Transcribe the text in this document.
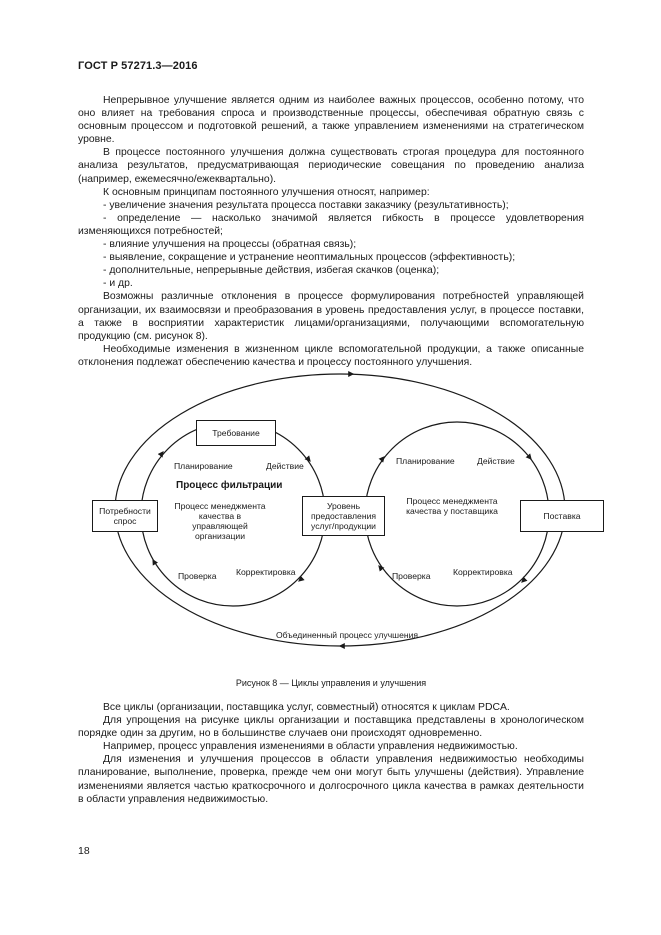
ГОСТ Р 57271.3—2016

Непрерывное улучшение является одним из наиболее важных процессов, особенно потому, что оно влияет на требования спроса и производственные процессы, обеспечивая обратную связь с основным процессом и подготовкой решений, а также управлением изменениями на стратегическом уровне.

В процессе постоянного улучшения должна существовать строгая процедура для постоянного анализа результатов, предусматривающая периодические совещания по проведению анализа (например, ежемесячно/ежеквартально).

К основным принципам постоянного улучшения относят, например:

- увеличение значения результата процесса поставки заказчику (результативность);

- определение — насколько значимой является гибкость в процессе удовлетворения изменяющихся потребностей;

- влияние улучшения на процессы (обратная связь);

- выявление, сокращение и устранение неоптимальных процессов (эффективность);

- дополнительные, непрерывные действия, избегая скачков (оценка);

- и др.

Возможны различные отклонения в процессе формулирования потребностей управляющей организации, их взаимосвязи и преобразования в уровень предоставления услуг, в процессе поставки, а также в восприятии характеристик лицами/организациями, получающими вспомогательную продукцию (см. рисунок 8).

Необходимые изменения в жизненном цикле вспомогательной продукции, а также описанные отклонения подлежат обеспечению качества и процессу постоянного улучшения.

Требование
Потребности спрос
Уровень предоставления услуг/продукции
Поставка
Планирование	Действие
Процесс фильтрации
Процесс менеджмента качества в управляющей организации
Проверка Корректировка
Планирование	Действие
Процесс менеджмента качества у поставщика
Проверка	Корректировка
Объединенный процесс улучшения
Рисунок 8 — Циклы управления и улучшения

Все циклы (организации, поставщика услуг, совместный) относятся к циклам PDCA.

Для упрощения на рисунке циклы организации и поставщика представлены в хронологическом порядке один за другим, но в большинстве случаев они происходят одновременно.

Например, процесс управления изменениями в области управления недвижимостью.

Для изменения и улучшения процессов в области управления недвижимостью необходимы планирование, выполнение, проверка, прежде чем они могут быть улучшены (действия). Управление изменениями является частью краткосрочного и долгосрочного цикла качества в рамках деятельности в области управления недвижимостью.

18
